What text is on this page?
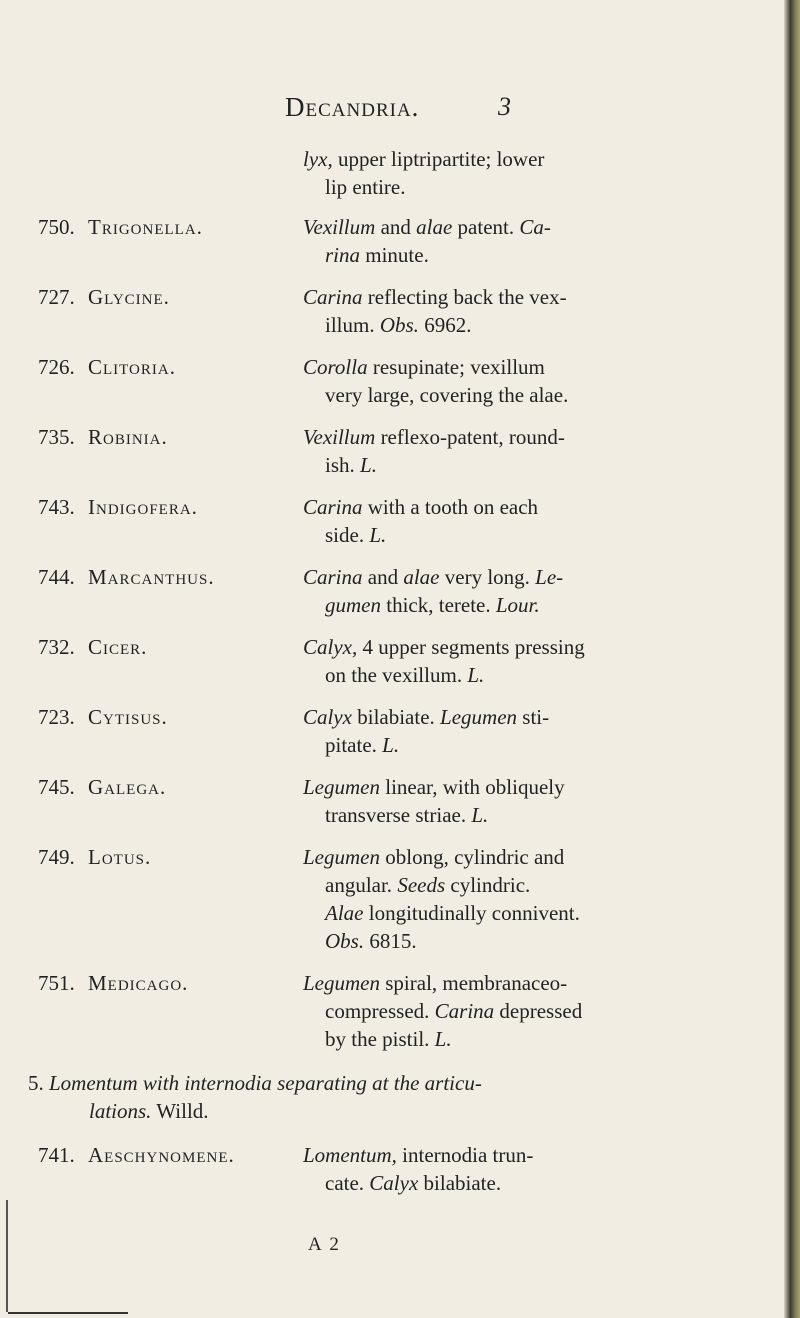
Decandria.	3
lyx, upper liptripartite; lower
lip entire.
750. Trigonella.	Vexillum and alae patent. Ca-
rina minute.
727. Glycine.	Carina reflecting back the vex-
illum. Obs. 6962.
726. Clitoria.	Corolla resupinate; vexillum
very large, covering the alae.
735. Robinia.	Vexillum reflexo-patent, round-
ish. L.
743. Indigofera.	Carina with a tooth on each
side. L.
744. Marcanthus.	Carina and alae very long. Le-
gumen thick, terete. Lour.
732. Cicer.	Calyx, 4 upper segments pressing
on the vexillum. L.
723. Cytisus.	Calyx bilabiate. Legumen sti-
pitate. L.
745. Galega.	Legumen linear, with obliquely
transverse striae. L.
749. Lotus.	Legumen oblong, cylindric and
angular. Seeds cylindric.
Alae longitudinally connivent.
Obs. 6815.
751. Medicago.	Legumen spiral, membranaceo-
compressed. Carina depressed
by the pistil. L.
5. Lomentum with internodia separating at the articu-
lations. Willd.
741. Aeschynomene.	Lomentum, internodia trun-
cate. Calyx bilabiate.
A 2
